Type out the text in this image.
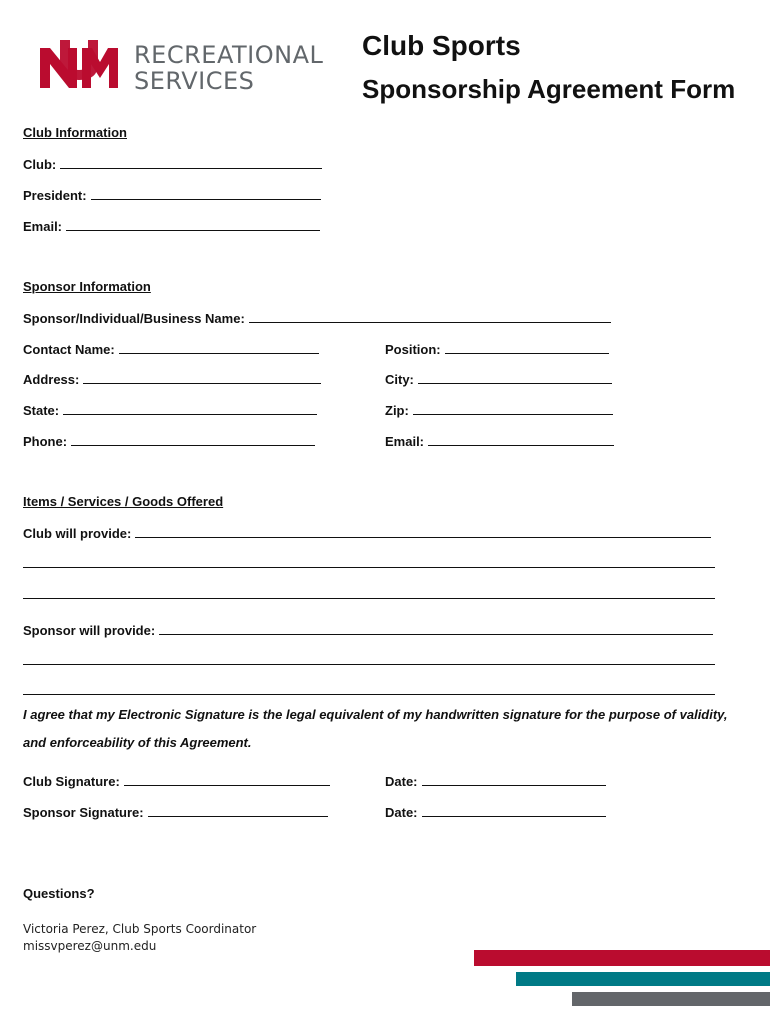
RECREATIONAL
SERVICES
Club Sports
Sponsorship Agreement Form
Club Information
Club:
President:
Email:
Sponsor Information
Sponsor/Individual/Business Name:
Contact Name:	Position:
Address:	City:
State:	Zip:
Phone:	Email:
Items / Services / Goods Offered
Club will provide:
Sponsor will provide:
I agree that my Electronic Signature is the legal equivalent of my handwritten signature for the purpose of validity,
and enforceability of this Agreement.
Club Signature:	Date:
Sponsor Signature:	Date:
Questions?
Victoria Perez, Club Sports Coordinator
missvperez@unm.edu
